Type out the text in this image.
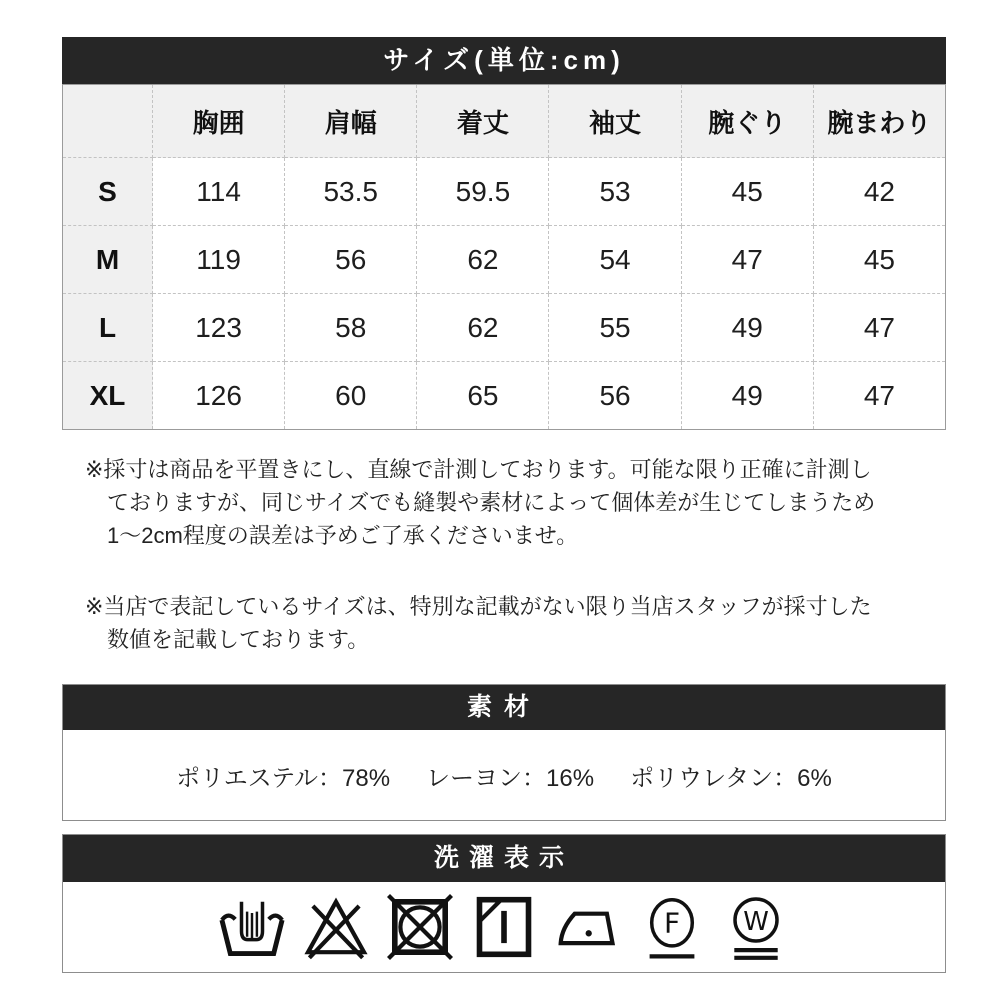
サイズ(単位:cm)
	胸囲	肩幅	着丈	袖丈	腕ぐり	腕まわり
S	114	53.5	59.5	53	45	42
M	119	56	62	54	47	45
L	123	58	62	55	49	47
XL	126	60	65	56	49	47
※採寸は商品を平置きにし、直線で計測しております。可能な限り正確に計測し
ておりますが、同じサイズでも縫製や素材によって個体差が生じてしまうため
1〜2cm程度の誤差は予めご了承くださいませ。
※当店で表記しているサイズは、特別な記載がない限り当店スタッフが採寸した
数値を記載しております。
素材
ポリエステル：78% レーヨン：16% ポリウレタン：6%
洗濯表示
F W
